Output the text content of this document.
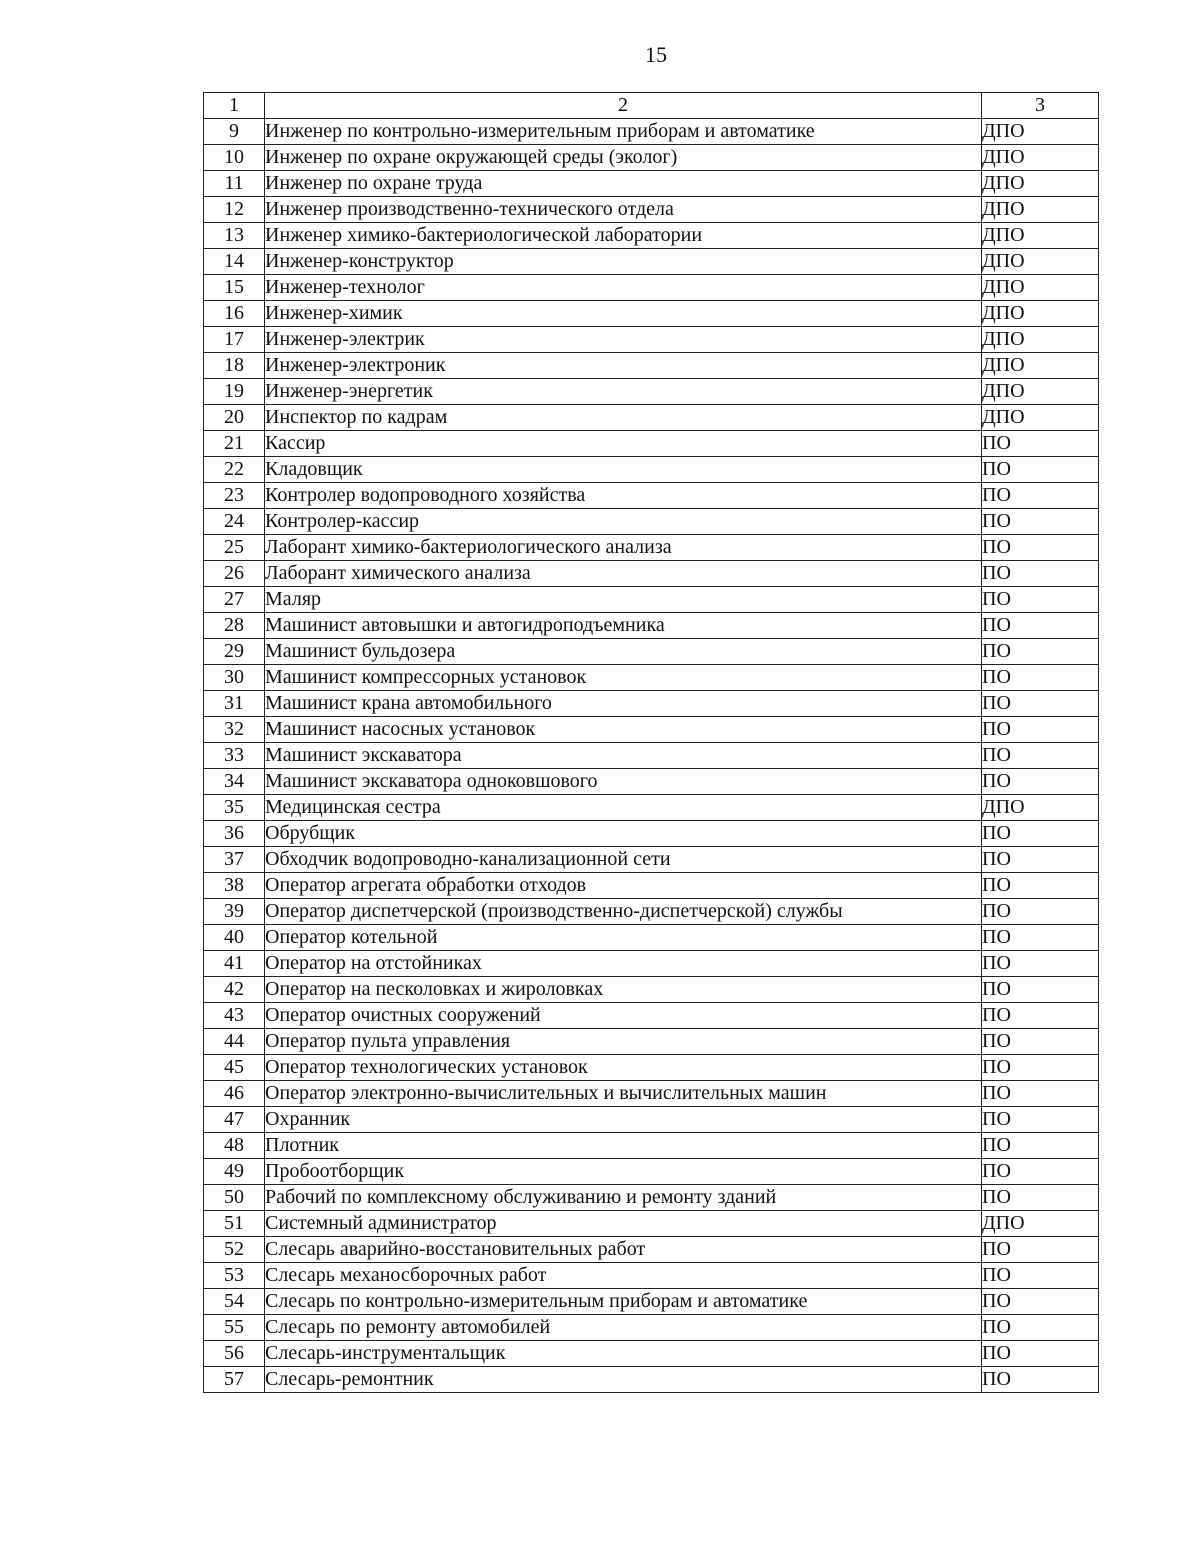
15
1	2	3
9	Инженер по контрольно-измерительным приборам и автоматике	ДПО
10	Инженер по охране окружающей среды (эколог)	ДПО
11	Инженер по охране труда	ДПО
12	Инженер производственно-технического отдела	ДПО
13	Инженер химико-бактериологической лаборатории	ДПО
14	Инженер-конструктор	ДПО
15	Инженер-технолог	ДПО
16	Инженер-химик	ДПО
17	Инженер-электрик	ДПО
18	Инженер-электроник	ДПО
19	Инженер-энергетик	ДПО
20	Инспектор по кадрам	ДПО
21	Кассир	ПО
22	Кладовщик	ПО
23	Контролер водопроводного хозяйства	ПО
24	Контролер-кассир	ПО
25	Лаборант химико-бактериологического анализа	ПО
26	Лаборант химического анализа	ПО
27	Маляр	ПО
28	Машинист автовышки и автогидроподъемника	ПО
29	Машинист бульдозера	ПО
30	Машинист компрессорных установок	ПО
31	Машинист крана автомобильного	ПО
32	Машинист насосных установок	ПО
33	Машинист экскаватора	ПО
34	Машинист экскаватора одноковшового	ПО
35	Медицинская сестра	ДПО
36	Обрубщик	ПО
37	Обходчик водопроводно-канализационной сети	ПО
38	Оператор агрегата обработки отходов	ПО
39	Оператор диспетчерской (производственно-диспетчерской) службы	ПО
40	Оператор котельной	ПО
41	Оператор на отстойниках	ПО
42	Оператор на песколовках и жироловках	ПО
43	Оператор очистных сооружений	ПО
44	Оператор пульта управления	ПО
45	Оператор технологических установок	ПО
46	Оператор электронно-вычислительных и вычислительных машин	ПО
47	Охранник	ПО
48	Плотник	ПО
49	Пробоотборщик	ПО
50	Рабочий по комплексному обслуживанию и ремонту зданий	ПО
51	Системный администратор	ДПО
52	Слесарь аварийно-восстановительных работ	ПО
53	Слесарь механосборочных работ	ПО
54	Слесарь по контрольно-измерительным приборам и автоматике	ПО
55	Слесарь по ремонту автомобилей	ПО
56	Слесарь-инструментальщик	ПО
57	Слесарь-ремонтник	ПО
